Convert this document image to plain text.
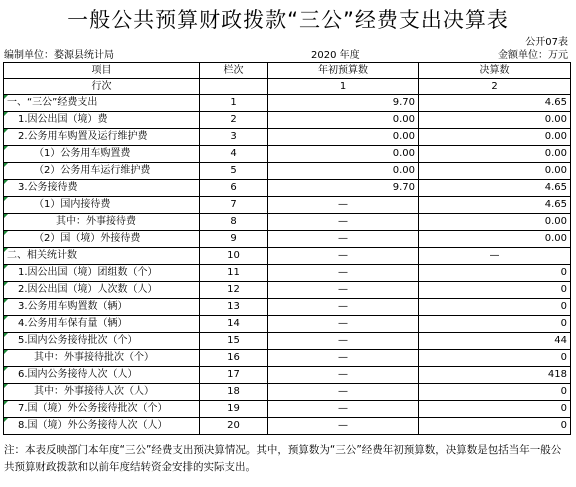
一般公共预算财政拨款“三公”经费支出决算表
公开07表
编制单位：婺源县统计局	2020 年度	金额单位：万元
项目	栏次	年初预算数	决算数
行次		1	2
一、“三公”经费支出	1	9.70	4.65
1.因公出国（境）费	2	0.00	0.00
2.公务用车购置及运行维护费	3	0.00	0.00
（1）公务用车购置费	4	0.00	0.00
（2）公务用车运行维护费	5	0.00	0.00
3.公务接待费	6	9.70	4.65
（1）国内接待费	7	—	4.65
其中：外事接待费	8	—	0.00
（2）国（境）外接待费	9	—	0.00
二、相关统计数	10	—	—
1.因公出国（境）团组数（个）	11	—	0
2.因公出国（境）人次数（人）	12	—	0
3.公务用车购置数（辆）	13	—	0
4.公务用车保有量（辆）	14	—	0
5.国内公务接待批次（个）	15	—	44
其中：外事接待批次（个）	16	—	0
6.国内公务接待人次（人）	17	—	418
其中：外事接待人次（人）	18	—	0
7.国（境）外公务接待批次（个）	19	—	0
8.国（境）外公务接待人次（人）	20	—	0
注：本表反映部门本年度“三公”经费支出预决算情况。其中，预算数为“三公”经费年初预算数，决算数是包括当年一般公共预算财政拨款和以前年度结转资金安排的实际支出。
